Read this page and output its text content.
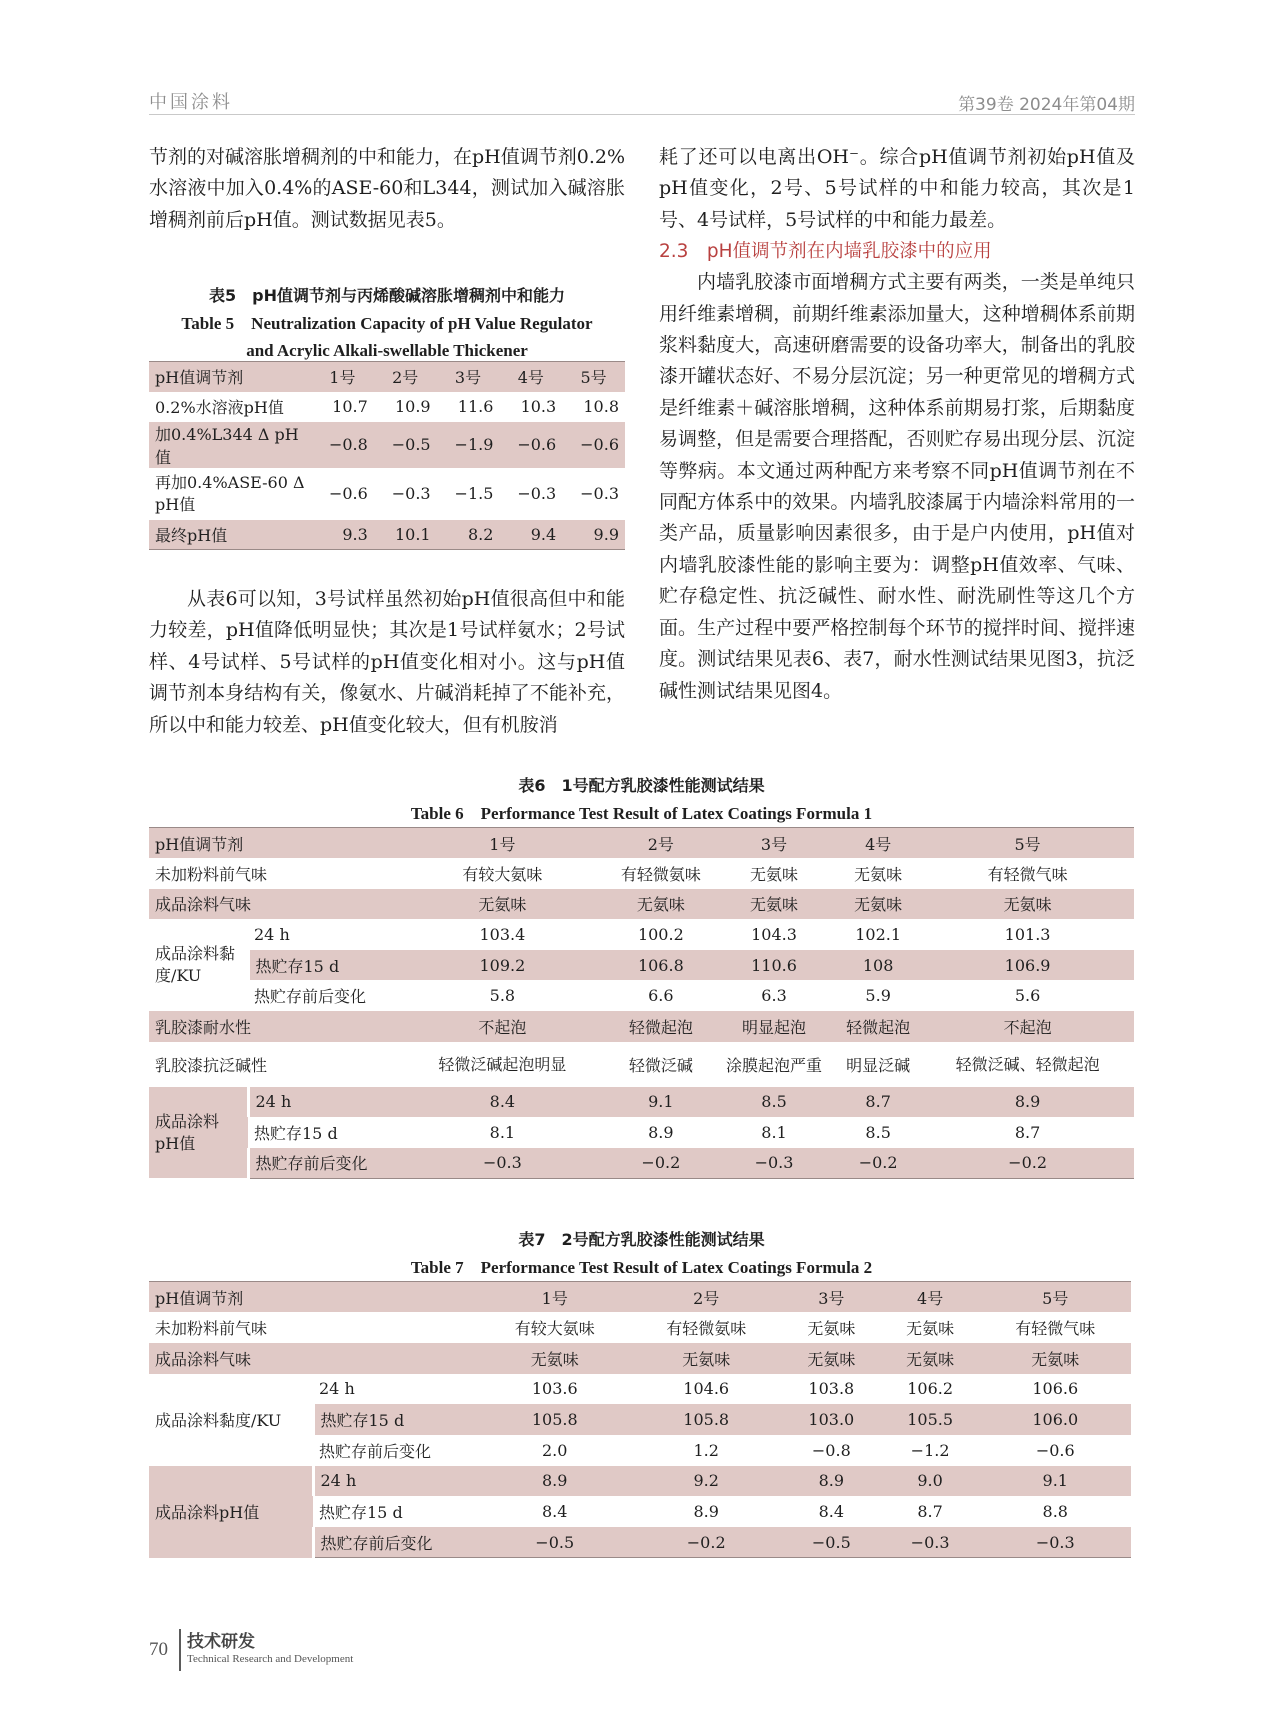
中国涂料	第39卷 2024年第04期

节剂的对碱溶胀增稠剂的中和能力，在pH值调节剂0.2%水溶液中加入0.4%的ASE-60和L344，测试加入碱溶胀增稠剂前后pH值。测试数据见表5。

表5　pH值调节剂与丙烯酸碱溶胀增稠剂中和能力
Table 5　Neutralization Capacity of pH Value Regulator
and Acrylic Alkali-swellable Thickener
pH值调节剂	1号	2号	3号	4号	5号
0.2%水溶液pH值	10.7	10.9	11.6	10.3	10.8
加0.4%L344 Δ pH值	−0.8	−0.5	−1.9	−0.6	−0.6
再加0.4%ASE-60 Δ pH值	−0.6	−0.3	−1.5	−0.3	−0.3
最终pH值	9.3	10.1	8.2	9.4	9.9

从表6可以知，3号试样虽然初始pH值很高但中和能力较差，pH值降低明显快；其次是1号试样氨水；2号试样、4号试样、5号试样的pH值变化相对小。这与pH值调节剂本身结构有关，像氨水、片碱消耗掉了不能补充，所以中和能力较差、pH值变化较大，但有机胺消

耗了还可以电离出OH⁻。综合pH值调节剂初始pH值及pH值变化，2号、5号试样的中和能力较高，其次是1号、4号试样，5号试样的中和能力最差。

2.3　pH值调节剂在内墙乳胶漆中的应用

内墙乳胶漆市面增稠方式主要有两类，一类是单纯只用纤维素增稠，前期纤维素添加量大，这种增稠体系前期浆料黏度大，高速研磨需要的设备功率大，制备出的乳胶漆开罐状态好、不易分层沉淀；另一种更常见的增稠方式是纤维素＋碱溶胀增稠，这种体系前期易打浆，后期黏度易调整，但是需要合理搭配，否则贮存易出现分层、沉淀等弊病。本文通过两种配方来考察不同pH值调节剂在不同配方体系中的效果。内墙乳胶漆属于内墙涂料常用的一类产品，质量影响因素很多，由于是户内使用，pH值对内墙乳胶漆性能的影响主要为：调整pH值效率、气味、贮存稳定性、抗泛碱性、耐水性、耐洗刷性等这几个方面。生产过程中要严格控制每个环节的搅拌时间、搅拌速度。测试结果见表6、表7，耐水性测试结果见图3，抗泛碱性测试结果见图4。

表6　1号配方乳胶漆性能测试结果
Table 6　Performance Test Result of Latex Coatings Formula 1
pH值调节剂		1号	2号	3号	4号	5号
未加粉料前气味		有较大氨味	有轻微氨味	无氨味	无氨味	有轻微气味
成品涂料气味		无氨味	无氨味	无氨味	无氨味	无氨味
成品涂料黏度/KU	24 h	103.4	100.2	104.3	102.1	101.3
	热贮存15 d	109.2	106.8	110.6	108	106.9
	热贮存前后变化	5.8	6.6	6.3	5.9	5.6
乳胶漆耐水性		不起泡	轻微起泡	明显起泡	轻微起泡	不起泡
乳胶漆抗泛碱性		轻微泛碱起泡明显	轻微泛碱	涂膜起泡严重	明显泛碱	轻微泛碱、轻微起泡
成品涂料pH值	24 h	8.4	9.1	8.5	8.7	8.9
	热贮存15 d	8.1	8.9	8.1	8.5	8.7
	热贮存前后变化	−0.3	−0.2	−0.3	−0.2	−0.2
表7　2号配方乳胶漆性能测试结果
Table 7　Performance Test Result of Latex Coatings Formula 2
pH值调节剂		1号	2号	3号	4号	5号
未加粉料前气味		有较大氨味	有轻微氨味	无氨味	无氨味	有轻微气味
成品涂料气味		无氨味	无氨味	无氨味	无氨味	无氨味
成品涂料黏度/KU	24 h	103.6	104.6	103.8	106.2	106.6
	热贮存15 d	105.8	105.8	103.0	105.5	106.0
	热贮存前后变化	2.0	1.2	−0.8	−1.2	−0.6
成品涂料pH值	24 h	8.9	9.2	8.9	9.0	9.1
	热贮存15 d	8.4	8.9	8.4	8.7	8.8
	热贮存前后变化	−0.5	−0.2	−0.5	−0.3	−0.3
70 技术研发
Technical Research and Development
